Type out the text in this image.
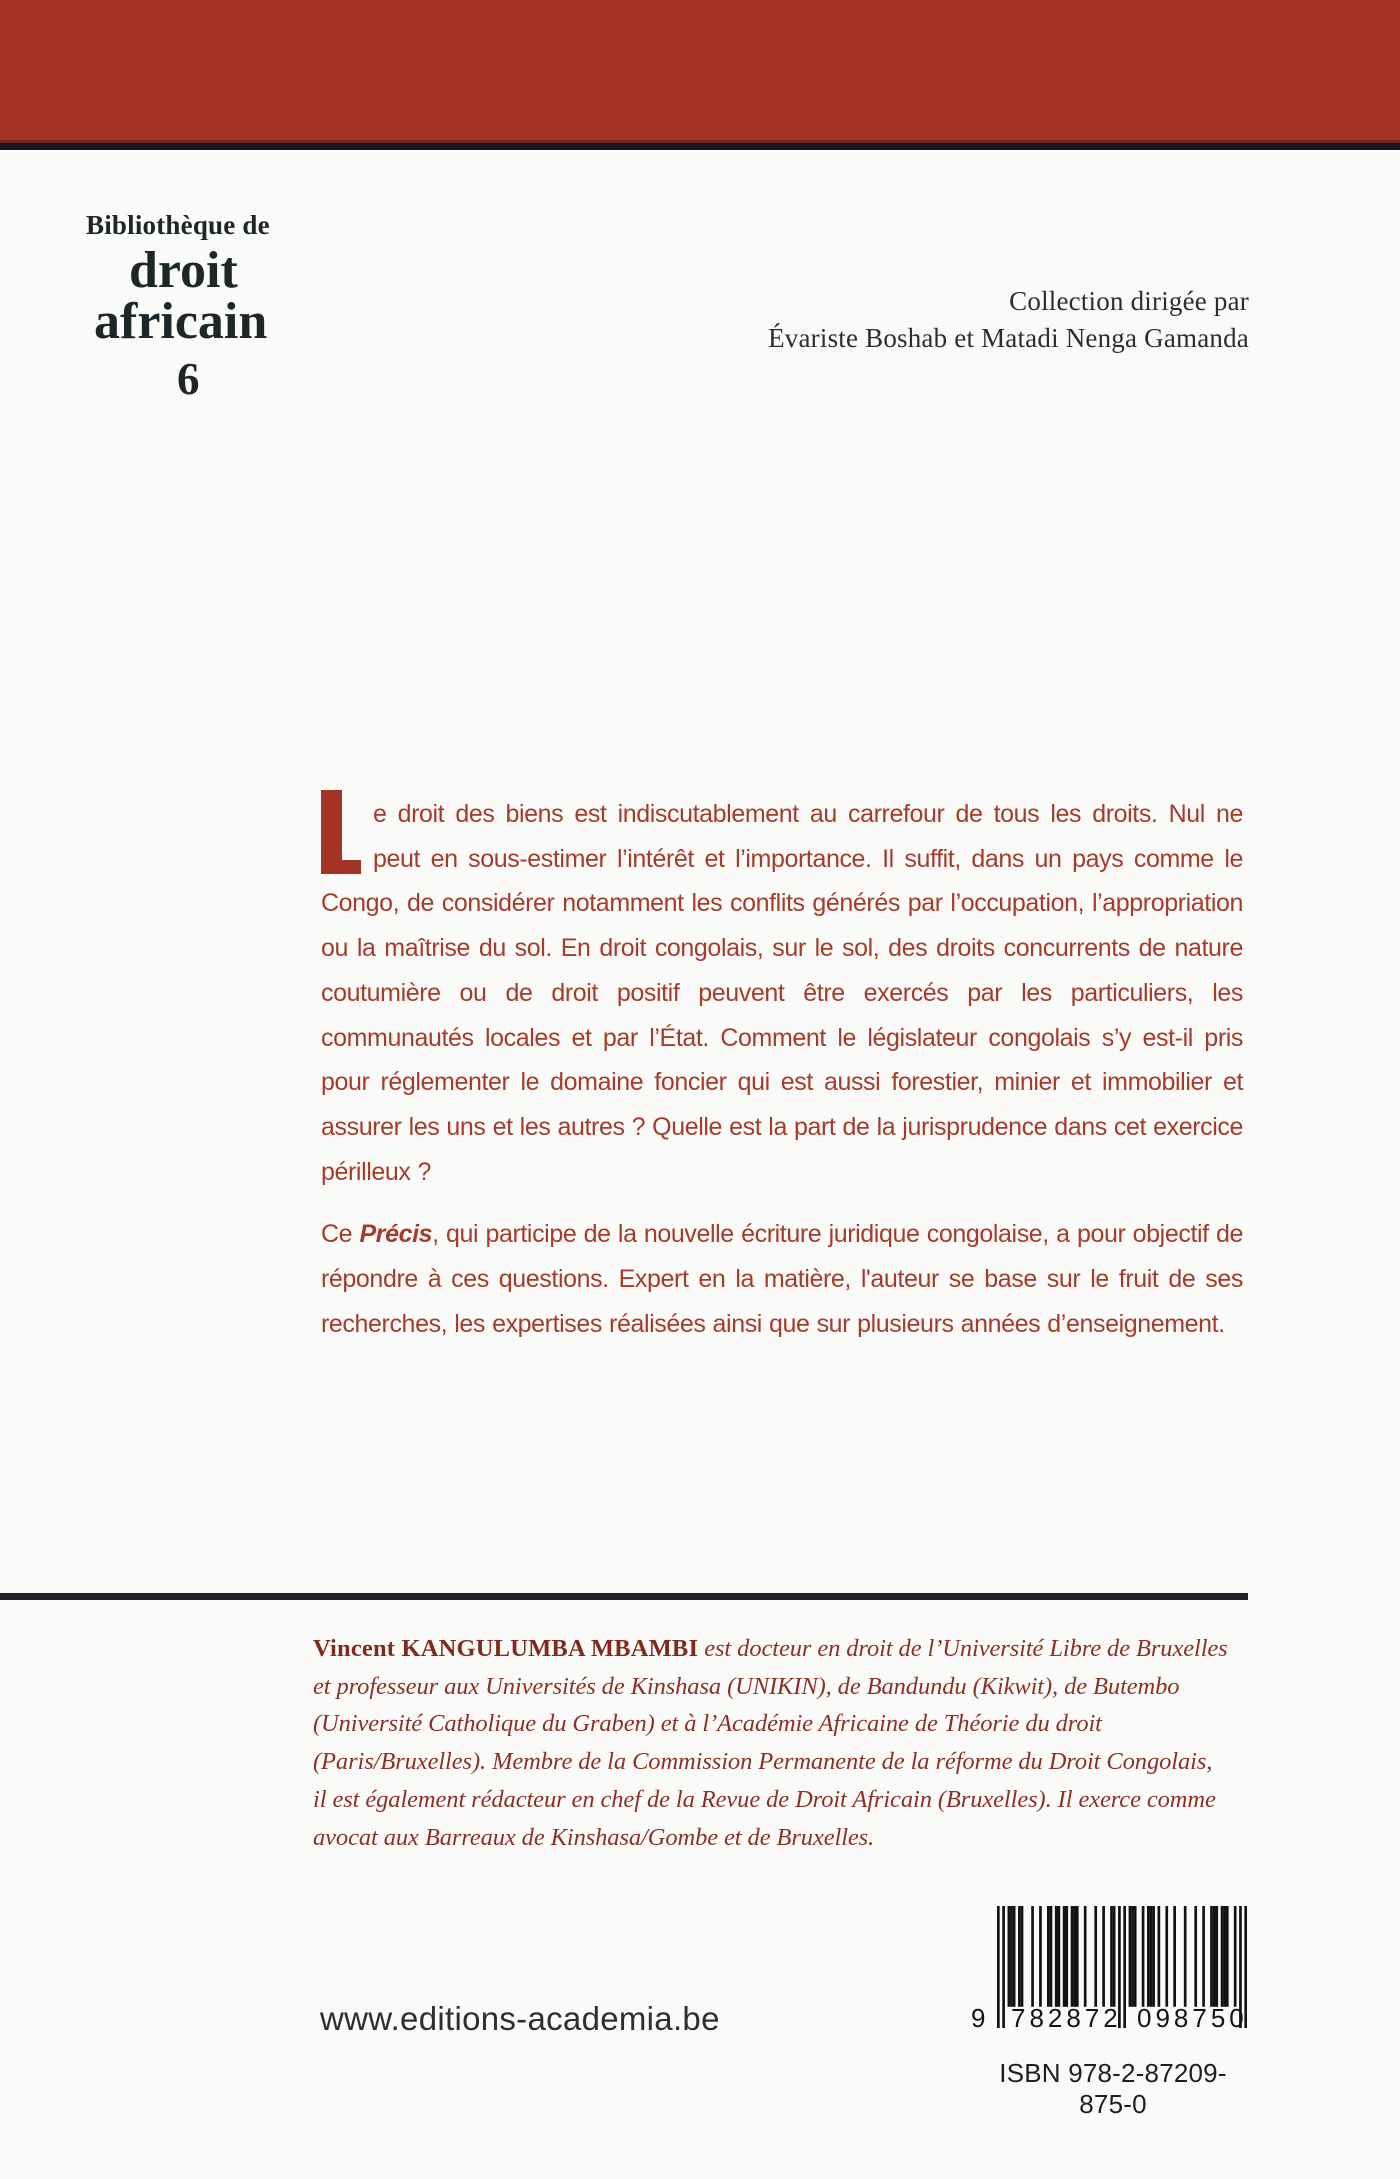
Bibliothèque de
droit
africain
6
Collection dirigée par
Évariste Boshab et Matadi Nenga Gamanda

e droit des biens est indiscutablement au carrefour de tous les droits. Nul ne peut en sous-estimer l’intérêt et l’importance. Il suffit, dans un pays comme le Congo, de considérer notamment les conflits générés par l’occupation, l’appropriation ou la maîtrise du sol. En droit congolais, sur le sol, des droits concurrents de nature coutumière ou de droit positif peuvent être exercés par les particuliers, les communautés locales et par l’État. Comment le législateur congolais s’y est-il pris pour réglementer le domaine foncier qui est aussi forestier, minier et immobilier et assurer les uns et les autres ? Quelle est la part de la jurisprudence dans cet exercice périlleux ?

Ce Précis, qui participe de la nouvelle écriture juridique congolaise, a pour objectif de répondre à ces questions. Expert en la matière, l'auteur se base sur le fruit de ses recherches, les expertises réalisées ainsi que sur plusieurs années d’enseignement.

Vincent KANGULUMBA MBAMBI est docteur en droit de l’Université Libre de Bruxelles et professeur aux Universités de Kinshasa (UNIKIN), de Bandundu (Kikwit), de Butembo (Université Catholique du Graben) et à l’Académie Africaine de Théorie du droit (Paris/Bruxelles). Membre de la Commission Permanente de la réforme du Droit Congolais, il est également rédacteur en chef de la Revue de Droit Africain (Bruxelles). Il exerce comme avocat aux Barreaux de Kinshasa/Gombe et de Bruxelles.
www.editions-academia.be	9 782872 098750
ISBN 978-2-87209-875-0
